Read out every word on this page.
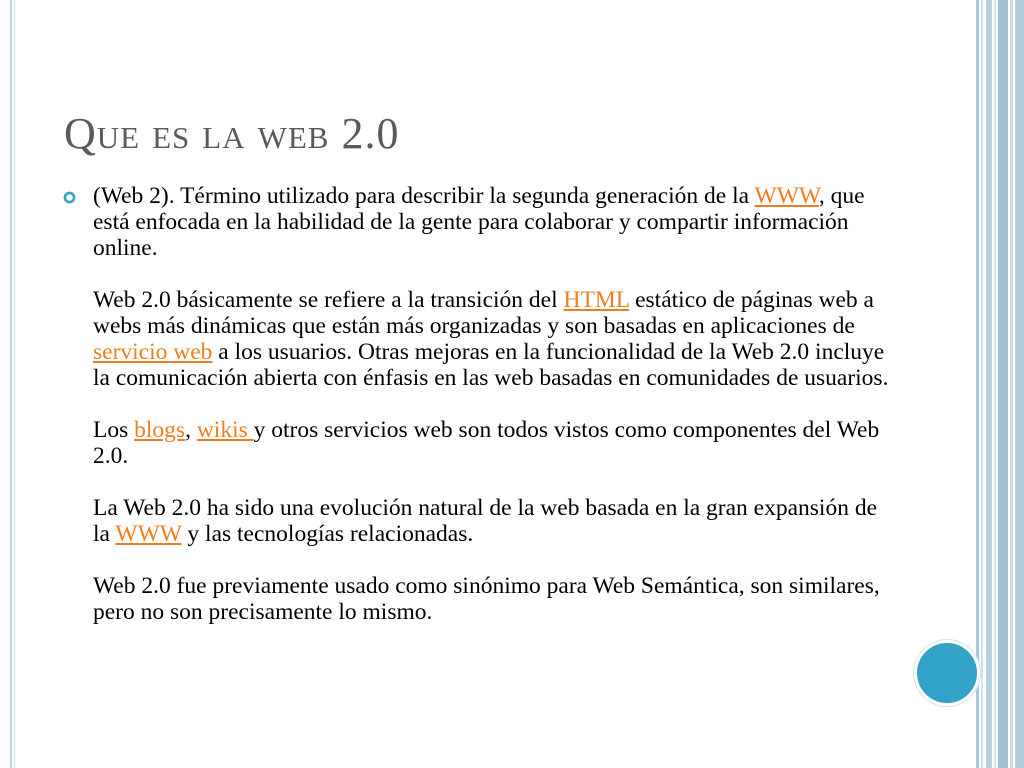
Que es la web 2.0

(Web 2). Término utilizado para describir la segunda generación de la WWW, que está enfocada en la habilidad de la gente para colaborar y compartir información online.

Web 2.0 básicamente se refiere a la transición del HTML estático de páginas web a webs más dinámicas que están más organizadas y son basadas en aplicaciones de servicio web a los usuarios. Otras mejoras en la funcionalidad de la Web 2.0 incluye la comunicación abierta con énfasis en las web basadas en comunidades de usuarios.

Los blogs, wikis y otros servicios web son todos vistos como componentes del Web 2.0.

La Web 2.0 ha sido una evolución natural de la web basada en la gran expansión de la WWW y las tecnologías relacionadas.

Web 2.0 fue previamente usado como sinónimo para Web Semántica, son similares, pero no son precisamente lo mismo.
